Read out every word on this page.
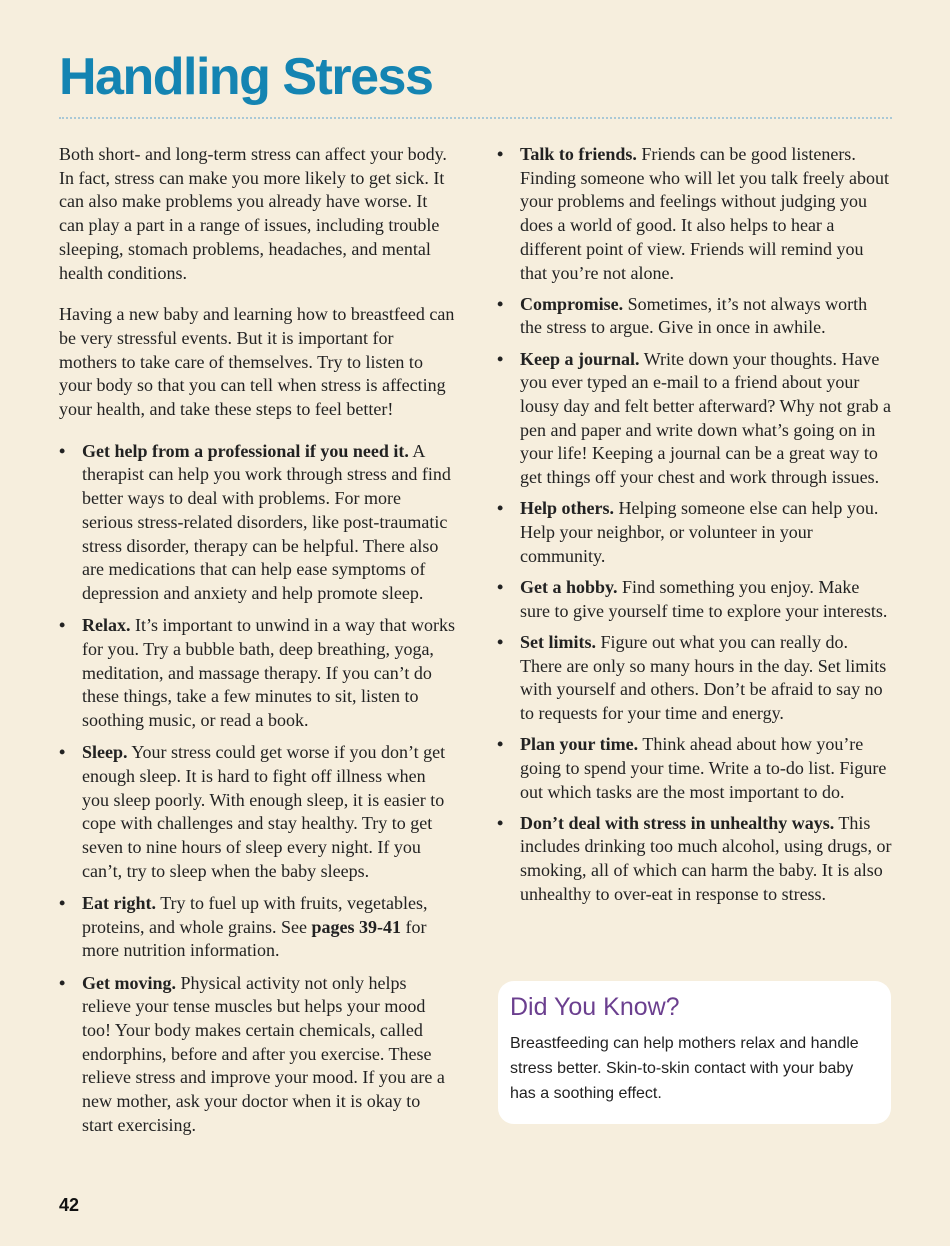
Handling Stress

Both short- and long-term stress can affect your body. In fact, stress can make you more likely to get sick. It can also make problems you already have worse. It can play a part in a range of issues, including trouble sleeping, stomach problems, headaches, and mental health conditions.

Having a new baby and learning how to breastfeed can be very stressful events. But it is important for mothers to take care of themselves. Try to listen to your body so that you can tell when stress is affecting your health, and take these steps to feel better!

• Get help from a professional if you need it. A therapist can help you work through stress and find better ways to deal with problems. For more serious stress-related disorders, like post-traumatic stress disorder, therapy can be helpful. There also are medications that can help ease symptoms of depression and anxiety and help promote sleep.
• Relax. It’s important to unwind in a way that works for you. Try a bubble bath, deep breathing, yoga, meditation, and massage therapy. If you can’t do these things, take a few minutes to sit, listen to soothing music, or read a book.
• Sleep. Your stress could get worse if you don’t get enough sleep. It is hard to fight off illness when you sleep poorly. With enough sleep, it is easier to cope with challenges and stay healthy. Try to get seven to nine hours of sleep every night. If you can’t, try to sleep when the baby sleeps.
• Eat right. Try to fuel up with fruits, vegetables, proteins, and whole grains. See pages 39-41 for more nutrition information.
• Get moving. Physical activity not only helps relieve your tense muscles but helps your mood too! Your body makes certain chemicals, called endorphins, before and after you exercise. These relieve stress and improve your mood. If you are a new mother, ask your doctor when it is okay to start exercising.
• Talk to friends. Friends can be good listeners. Finding someone who will let you talk freely about your problems and feelings without judging you does a world of good. It also helps to hear a different point of view. Friends will remind you that you’re not alone.
• Compromise. Sometimes, it’s not always worth the stress to argue. Give in once in awhile.
• Keep a journal. Write down your thoughts. Have you ever typed an e-mail to a friend about your lousy day and felt better afterward? Why not grab a pen and paper and write down what’s going on in your life! Keeping a journal can be a great way to get things off your chest and work through issues.
• Help others. Helping someone else can help you. Help your neighbor, or volunteer in your community.
• Get a hobby. Find something you enjoy. Make sure to give yourself time to explore your interests.
• Set limits. Figure out what you can really do. There are only so many hours in the day. Set limits with yourself and others. Don’t be afraid to say no to requests for your time and energy.
• Plan your time. Think ahead about how you’re going to spend your time. Write a to-do list. Figure out which tasks are the most important to do.
• Don’t deal with stress in unhealthy ways. This includes drinking too much alcohol, using drugs, or smoking, all of which can harm the baby. It is also unhealthy to over-eat in response to stress.
Did You Know?

Breastfeeding can help mothers relax and handle stress better. Skin-to-skin contact with your baby has a soothing effect.

42
